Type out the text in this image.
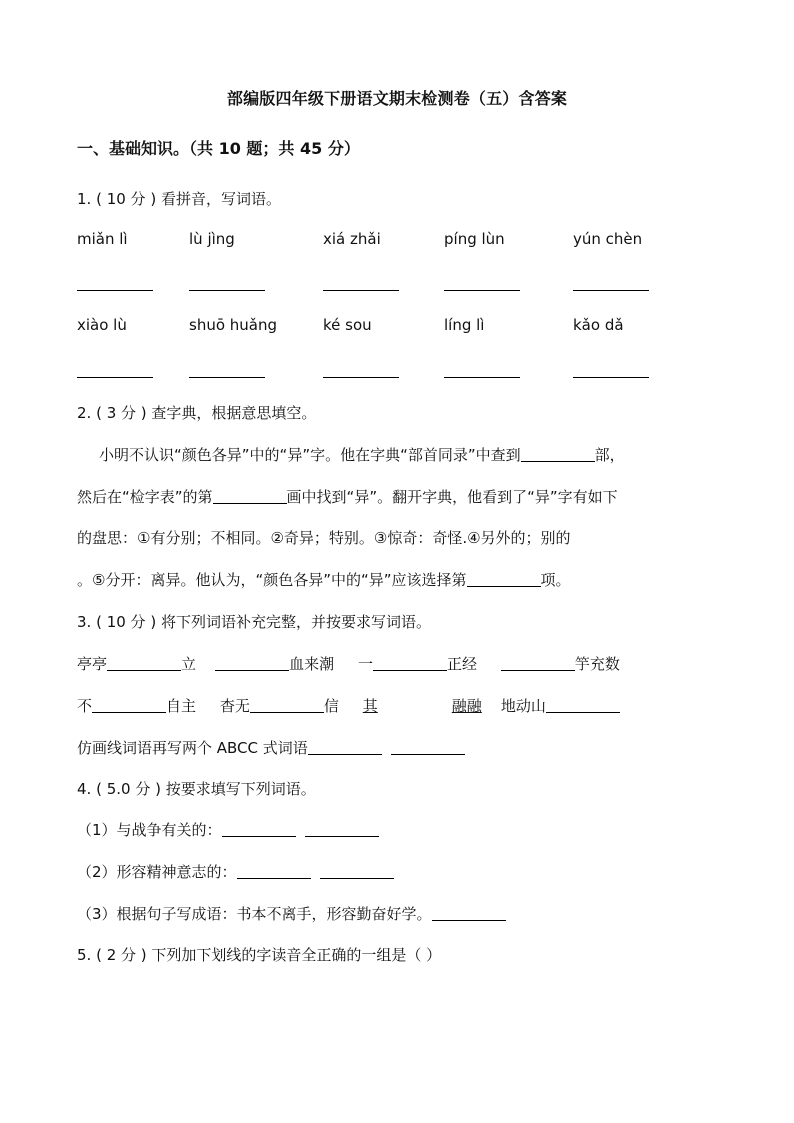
部编版四年级下册语文期末检测卷（五）含答案
一、基础知识。（共 10 题；共 45 分）
1. ( 10 分 ) 看拼音，写词语。
miǎn lì	lù jìng	xiá zhǎi	píng lùn	yún chèn
xiào lù	shuō huǎng	ké sou	líng lì	kǎo dǎ
2. ( 3 分 ) 查字典，根据意思填空。
小明不认识“颜色各异”中的“异”字。他在字典“部首同录”中查到	部，
然后在“检字表”的第	画中找到“异”。翻开字典，他看到了“异”字有如下
的盘思：①有分别；不相同。②奇异；特别。③惊奇：奇怪.④另外的；别的
。⑤分开：离异。他认为，“颜色各异”中的“异”应该选择第	项。
3. ( 10 分 ) 将下列词语补充完整，并按要求写词语。
亭亭	立	血来潮 一	正经	竽充数
不	自主 杳无	信 其	融融 地动山
仿画线词语再写两个 ABCC 式词语
4. ( 5.0 分 ) 按要求填写下列词语。
（1）与战争有关的：
（2）形容精神意志的：
（3）根据句子写成语：书本不离手，形容勤奋好学。
5. ( 2 分 ) 下列加下划线的字读音全正确的一组是（ ）
